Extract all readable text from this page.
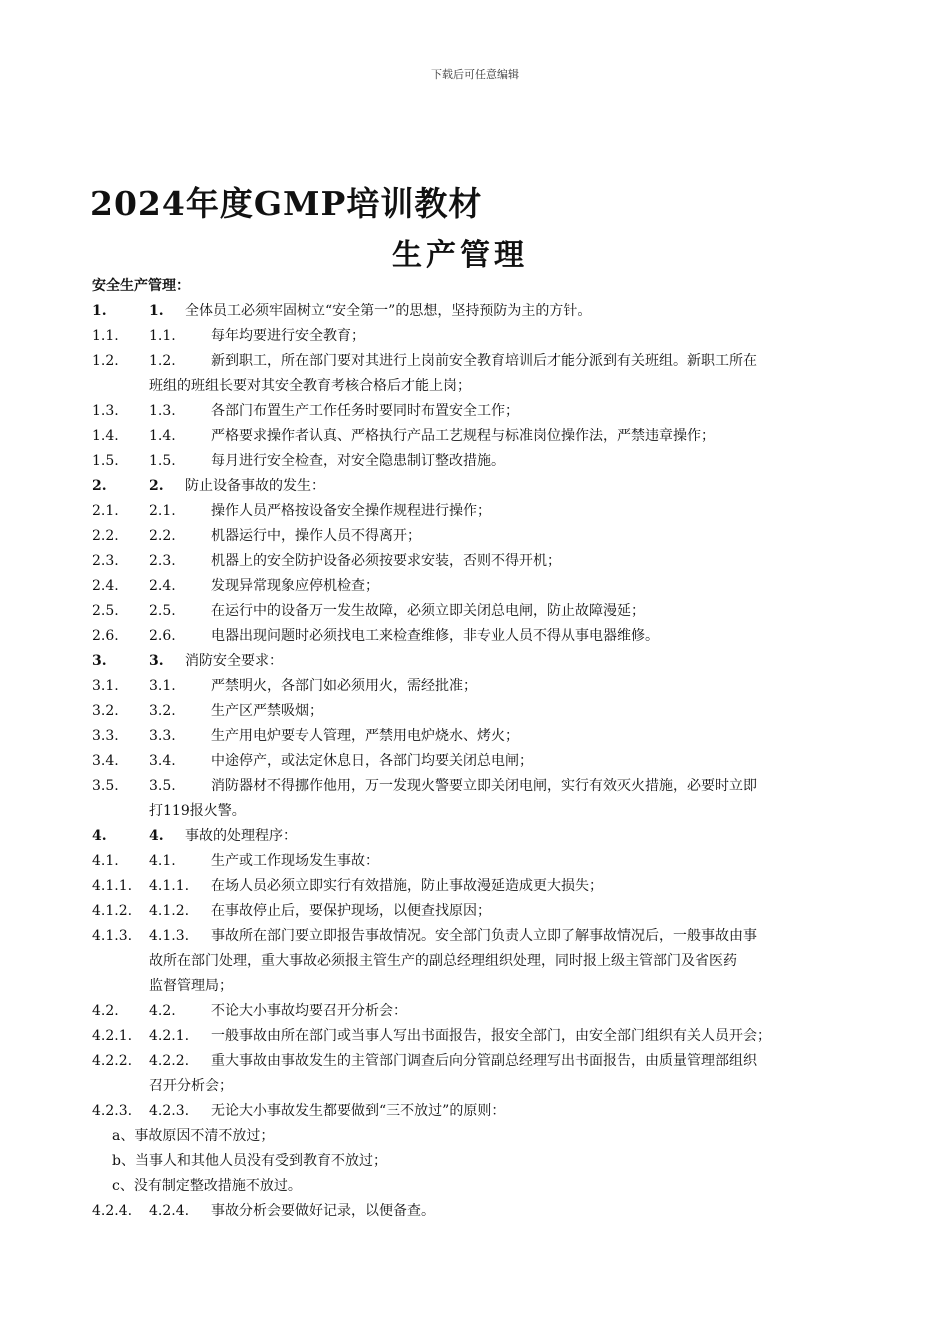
下载后可任意编辑
2024年度GMP培训教材
生产管理
安全生产管理：
1.	1.	全体员工必须牢固树立“安全第一”的思想，坚持预防为主的方针。
1.1.	1.1.	每年均要进行安全教育；
1.2.	1.2.	新到职工，所在部门要对其进行上岗前安全教育培训后才能分派到有关班组。新职工所在
班组的班组长要对其安全教育考核合格后才能上岗；
1.3.	1.3.	各部门布置生产工作任务时要同时布置安全工作；
1.4.	1.4.	严格要求操作者认真、严格执行产品工艺规程与标准岗位操作法，严禁违章操作；
1.5.	1.5.	每月进行安全检查，对安全隐患制订整改措施。
2.	2.	防止设备事故的发生：
2.1.	2.1.	操作人员严格按设备安全操作规程进行操作；
2.2.	2.2.	机器运行中，操作人员不得离开；
2.3.	2.3.	机器上的安全防护设备必须按要求安装，否则不得开机；
2.4.	2.4.	发现异常现象应停机检查；
2.5.	2.5.	在运行中的设备万一发生故障，必须立即关闭总电闸，防止故障漫延；
2.6.	2.6.	电器出现问题时必须找电工来检查维修，非专业人员不得从事电器维修。
3.	3.	消防安全要求：
3.1.	3.1.	严禁明火，各部门如必须用火，需经批准；
3.2.	3.2.	生产区严禁吸烟；
3.3.	3.3.	生产用电炉要专人管理，严禁用电炉烧水、烤火；
3.4.	3.4.	中途停产，或法定休息日，各部门均要关闭总电闸；
3.5.	3.5.	消防器材不得挪作他用，万一发现火警要立即关闭电闸，实行有效灭火措施，必要时立即
打119报火警。
4.	4.	事故的处理程序：
4.1.	4.1.	生产或工作现场发生事故：
4.1.1.	4.1.1.	在场人员必须立即实行有效措施，防止事故漫延造成更大损失；
4.1.2.	4.1.2.	在事故停止后，要保护现场，以便查找原因；
4.1.3.	4.1.3.	事故所在部门要立即报告事故情况。安全部门负责人立即了解事故情况后，一般事故由事
故所在部门处理，重大事故必须报主管生产的副总经理组织处理，同时报上级主管部门及省医药
监督管理局；
4.2.	4.2.	不论大小事故均要召开分析会：
4.2.1.	4.2.1.	一般事故由所在部门或当事人写出书面报告，报安全部门，由安全部门组织有关人员开会；
4.2.2.	4.2.2.	重大事故由事故发生的主管部门调查后向分管副总经理写出书面报告，由质量管理部组织
召开分析会；
4.2.3.	4.2.3.	无论大小事故发生都要做到“三不放过”的原则：
a、事故原因不清不放过；
b、当事人和其他人员没有受到教育不放过；
c、没有制定整改措施不放过。
4.2.4.	4.2.4.	事故分析会要做好记录，以便备查。
